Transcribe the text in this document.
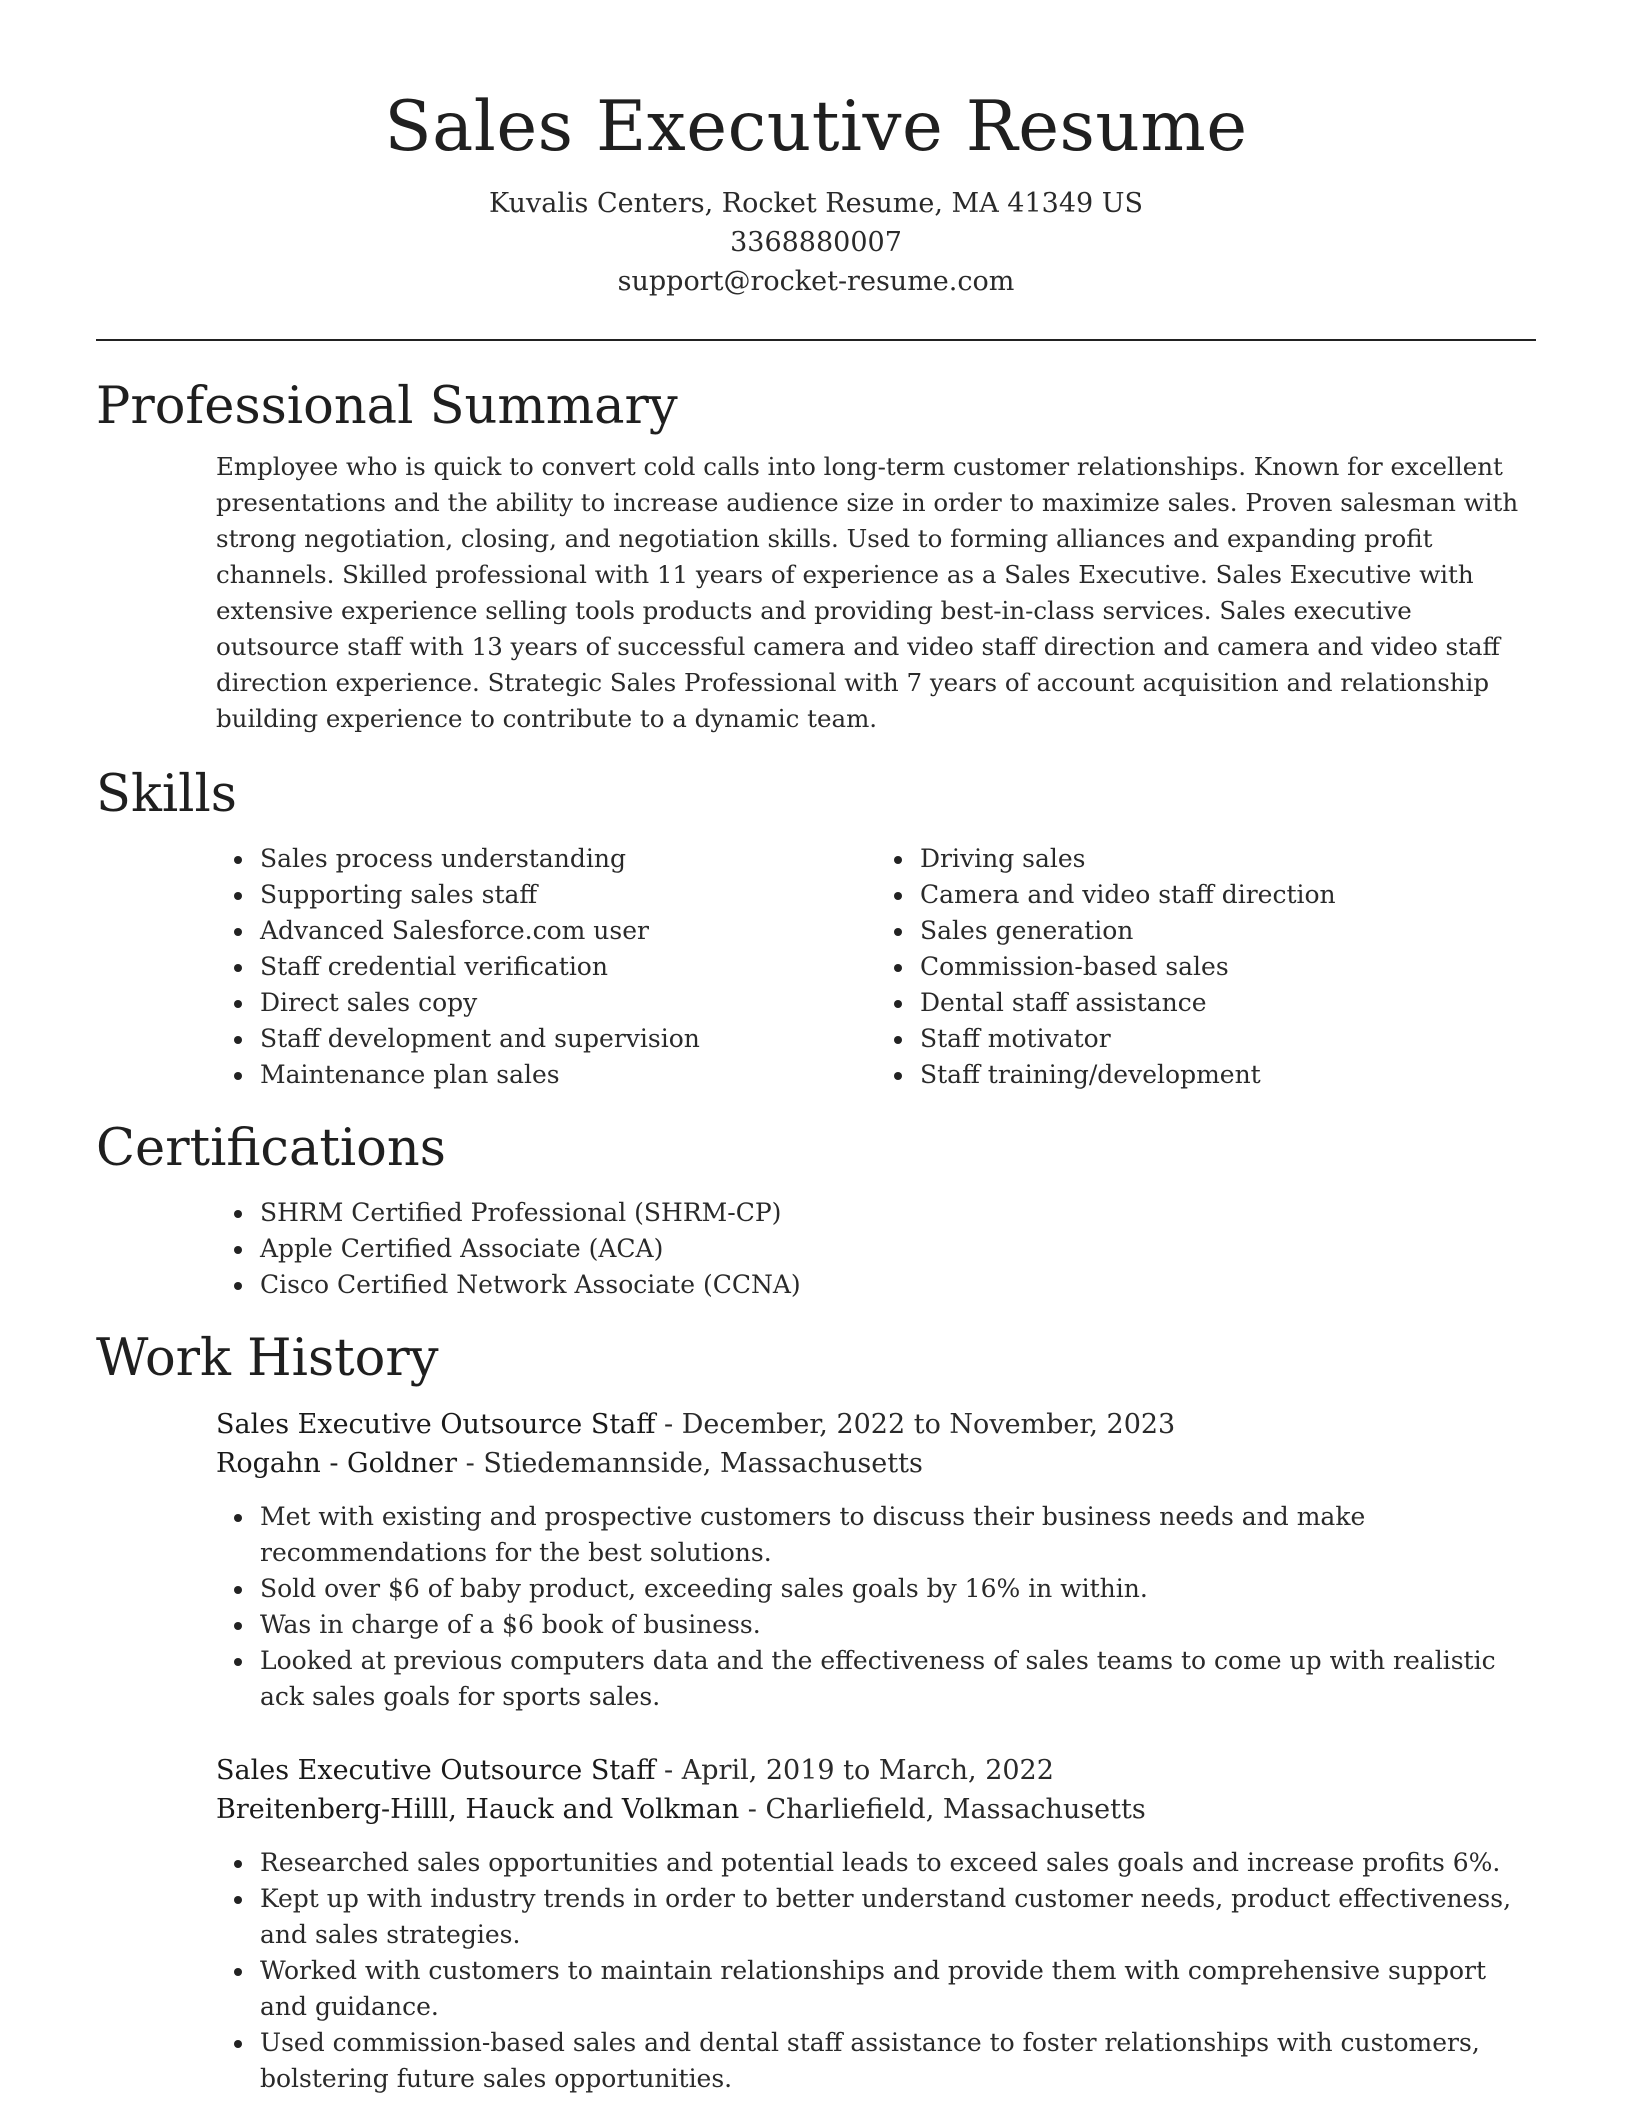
Sales Executive Resume
Kuvalis Centers, Rocket Resume, MA 41349 US
3368880007
support@rocket-resume.com
Professional Summary

Employee who is quick to convert cold calls into long-term customer relationships. Known for excellent presentations and the ability to increase audience size in order to maximize sales. Proven salesman with strong negotiation, closing, and negotiation skills. Used to forming alliances and expanding profit channels. Skilled professional with 11 years of experience as a Sales Executive. Sales Executive with extensive experience selling tools products and providing best-in-class services. Sales executive outsource staff with 13 years of successful camera and video staff direction and camera and video staff direction experience. Strategic Sales Professional with 7 years of account acquisition and relationship building experience to contribute to a dynamic team.

Skills
Sales process understanding
Supporting sales staff
Advanced Salesforce.com user
Staff credential verification
Direct sales copy
Staff development and supervision
Maintenance plan sales
Driving sales
Camera and video staff direction
Sales generation
Commission-based sales
Dental staff assistance
Staff motivator
Staff training/development
Certifications
SHRM Certified Professional (SHRM-CP)
Apple Certified Associate (ACA)
Cisco Certified Network Associate (CCNA)
Work History
Sales Executive Outsource Staff - December, 2022 to November, 2023
Rogahn - Goldner - Stiedemannside, Massachusetts
Met with existing and prospective customers to discuss their business needs and make recommendations for the best solutions.
Sold over $6 of baby product, exceeding sales goals by 16% in within.
Was in charge of a $6 book of business.
Looked at previous computers data and the effectiveness of sales teams to come up with realistic ack sales goals for sports sales.
Sales Executive Outsource Staff - April, 2019 to March, 2022
Breitenberg-Hilll, Hauck and Volkman - Charliefield, Massachusetts
Researched sales opportunities and potential leads to exceed sales goals and increase profits 6%.
Kept up with industry trends in order to better understand customer needs, product effectiveness, and sales strategies.
Worked with customers to maintain relationships and provide them with comprehensive support and guidance.
Used commission-based sales and dental staff assistance to foster relationships with customers, bolstering future sales opportunities.
